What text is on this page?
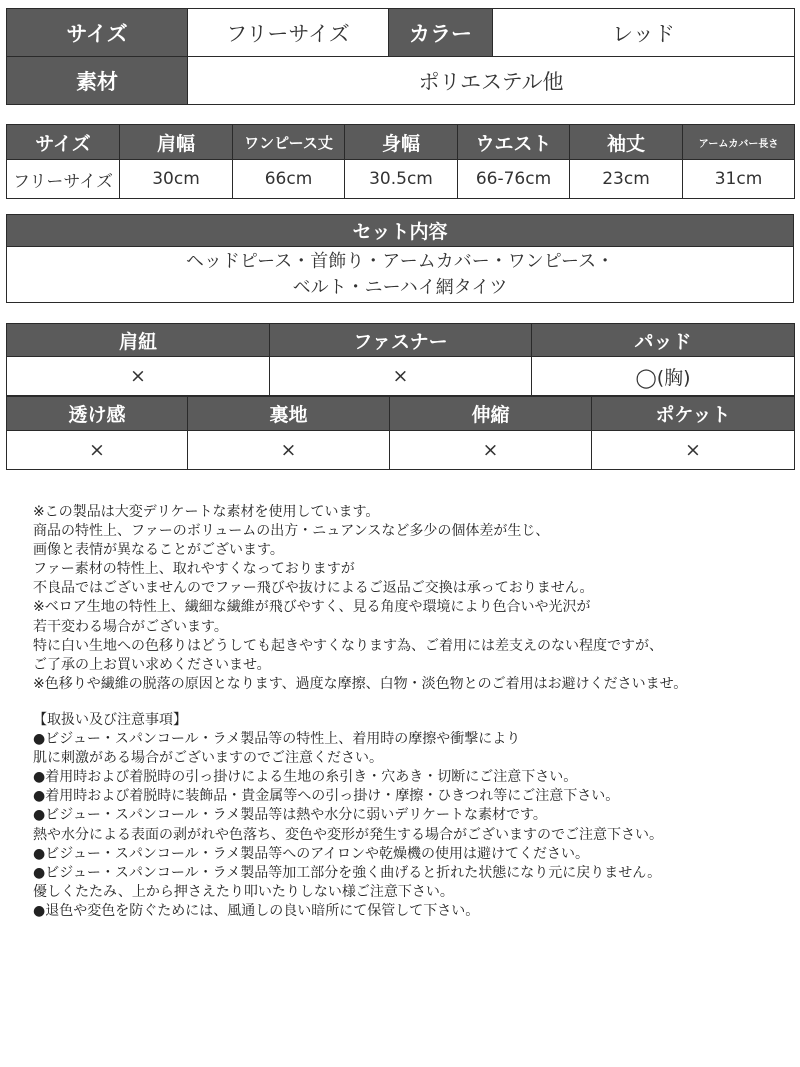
サイズ	フリーサイズ	カラー	レッド
素材	ポリエステル他		
サイズ	肩幅	ワンピース丈	身幅	ウエスト	袖丈	アームカバー長さ
フリーサイズ	30cm	66cm	30.5cm	66-76cm	23cm	31cm
セット内容

ヘッドピース・首飾り・アームカバー・ワンピース・
ベルト・ニーハイ網タイツ
肩紐	ファスナー	パッド
×	×	◯(胸)
透け感	裏地	伸縮	ポケット
×	×	×	×
※この製品は大変デリケートな素材を使用しています。
商品の特性上、ファーのボリュームの出方・ニュアンスなど多少の個体差が生じ、
画像と表情が異なることがございます。
ファー素材の特性上、取れやすくなっておりますが
不良品ではございませんのでファー飛びや抜けによるご返品ご交換は承っておりません。
※ベロア生地の特性上、繊細な繊維が飛びやすく、見る角度や環境により色合いや光沢が
若干変わる場合がございます。
特に白い生地への色移りはどうしても起きやすくなります為、ご着用には差支えのない程度ですが、
ご了承の上お買い求めくださいませ。
※色移りや繊維の脱落の原因となります、過度な摩擦、白物・淡色物とのご着用はお避けくださいませ。
【取扱い及び注意事項】
●ビジュー・スパンコール・ラメ製品等の特性上、着用時の摩擦や衝撃により
肌に刺激がある場合がございますのでご注意ください。
●着用時および着脱時の引っ掛けによる生地の糸引き・穴あき・切断にご注意下さい。
●着用時および着脱時に装飾品・貴金属等への引っ掛け・摩擦・ひきつれ等にご注意下さい。
●ビジュー・スパンコール・ラメ製品等は熱や水分に弱いデリケートな素材です。
熱や水分による表面の剥がれや色落ち、変色や変形が発生する場合がございますのでご注意下さい。
●ビジュー・スパンコール・ラメ製品等へのアイロンや乾燥機の使用は避けてください。
●ビジュー・スパンコール・ラメ製品等加工部分を強く曲げると折れた状態になり元に戻りません。
優しくたたみ、上から押さえたり叩いたりしない様ご注意下さい。
●退色や変色を防ぐためには、風通しの良い暗所にて保管して下さい。
